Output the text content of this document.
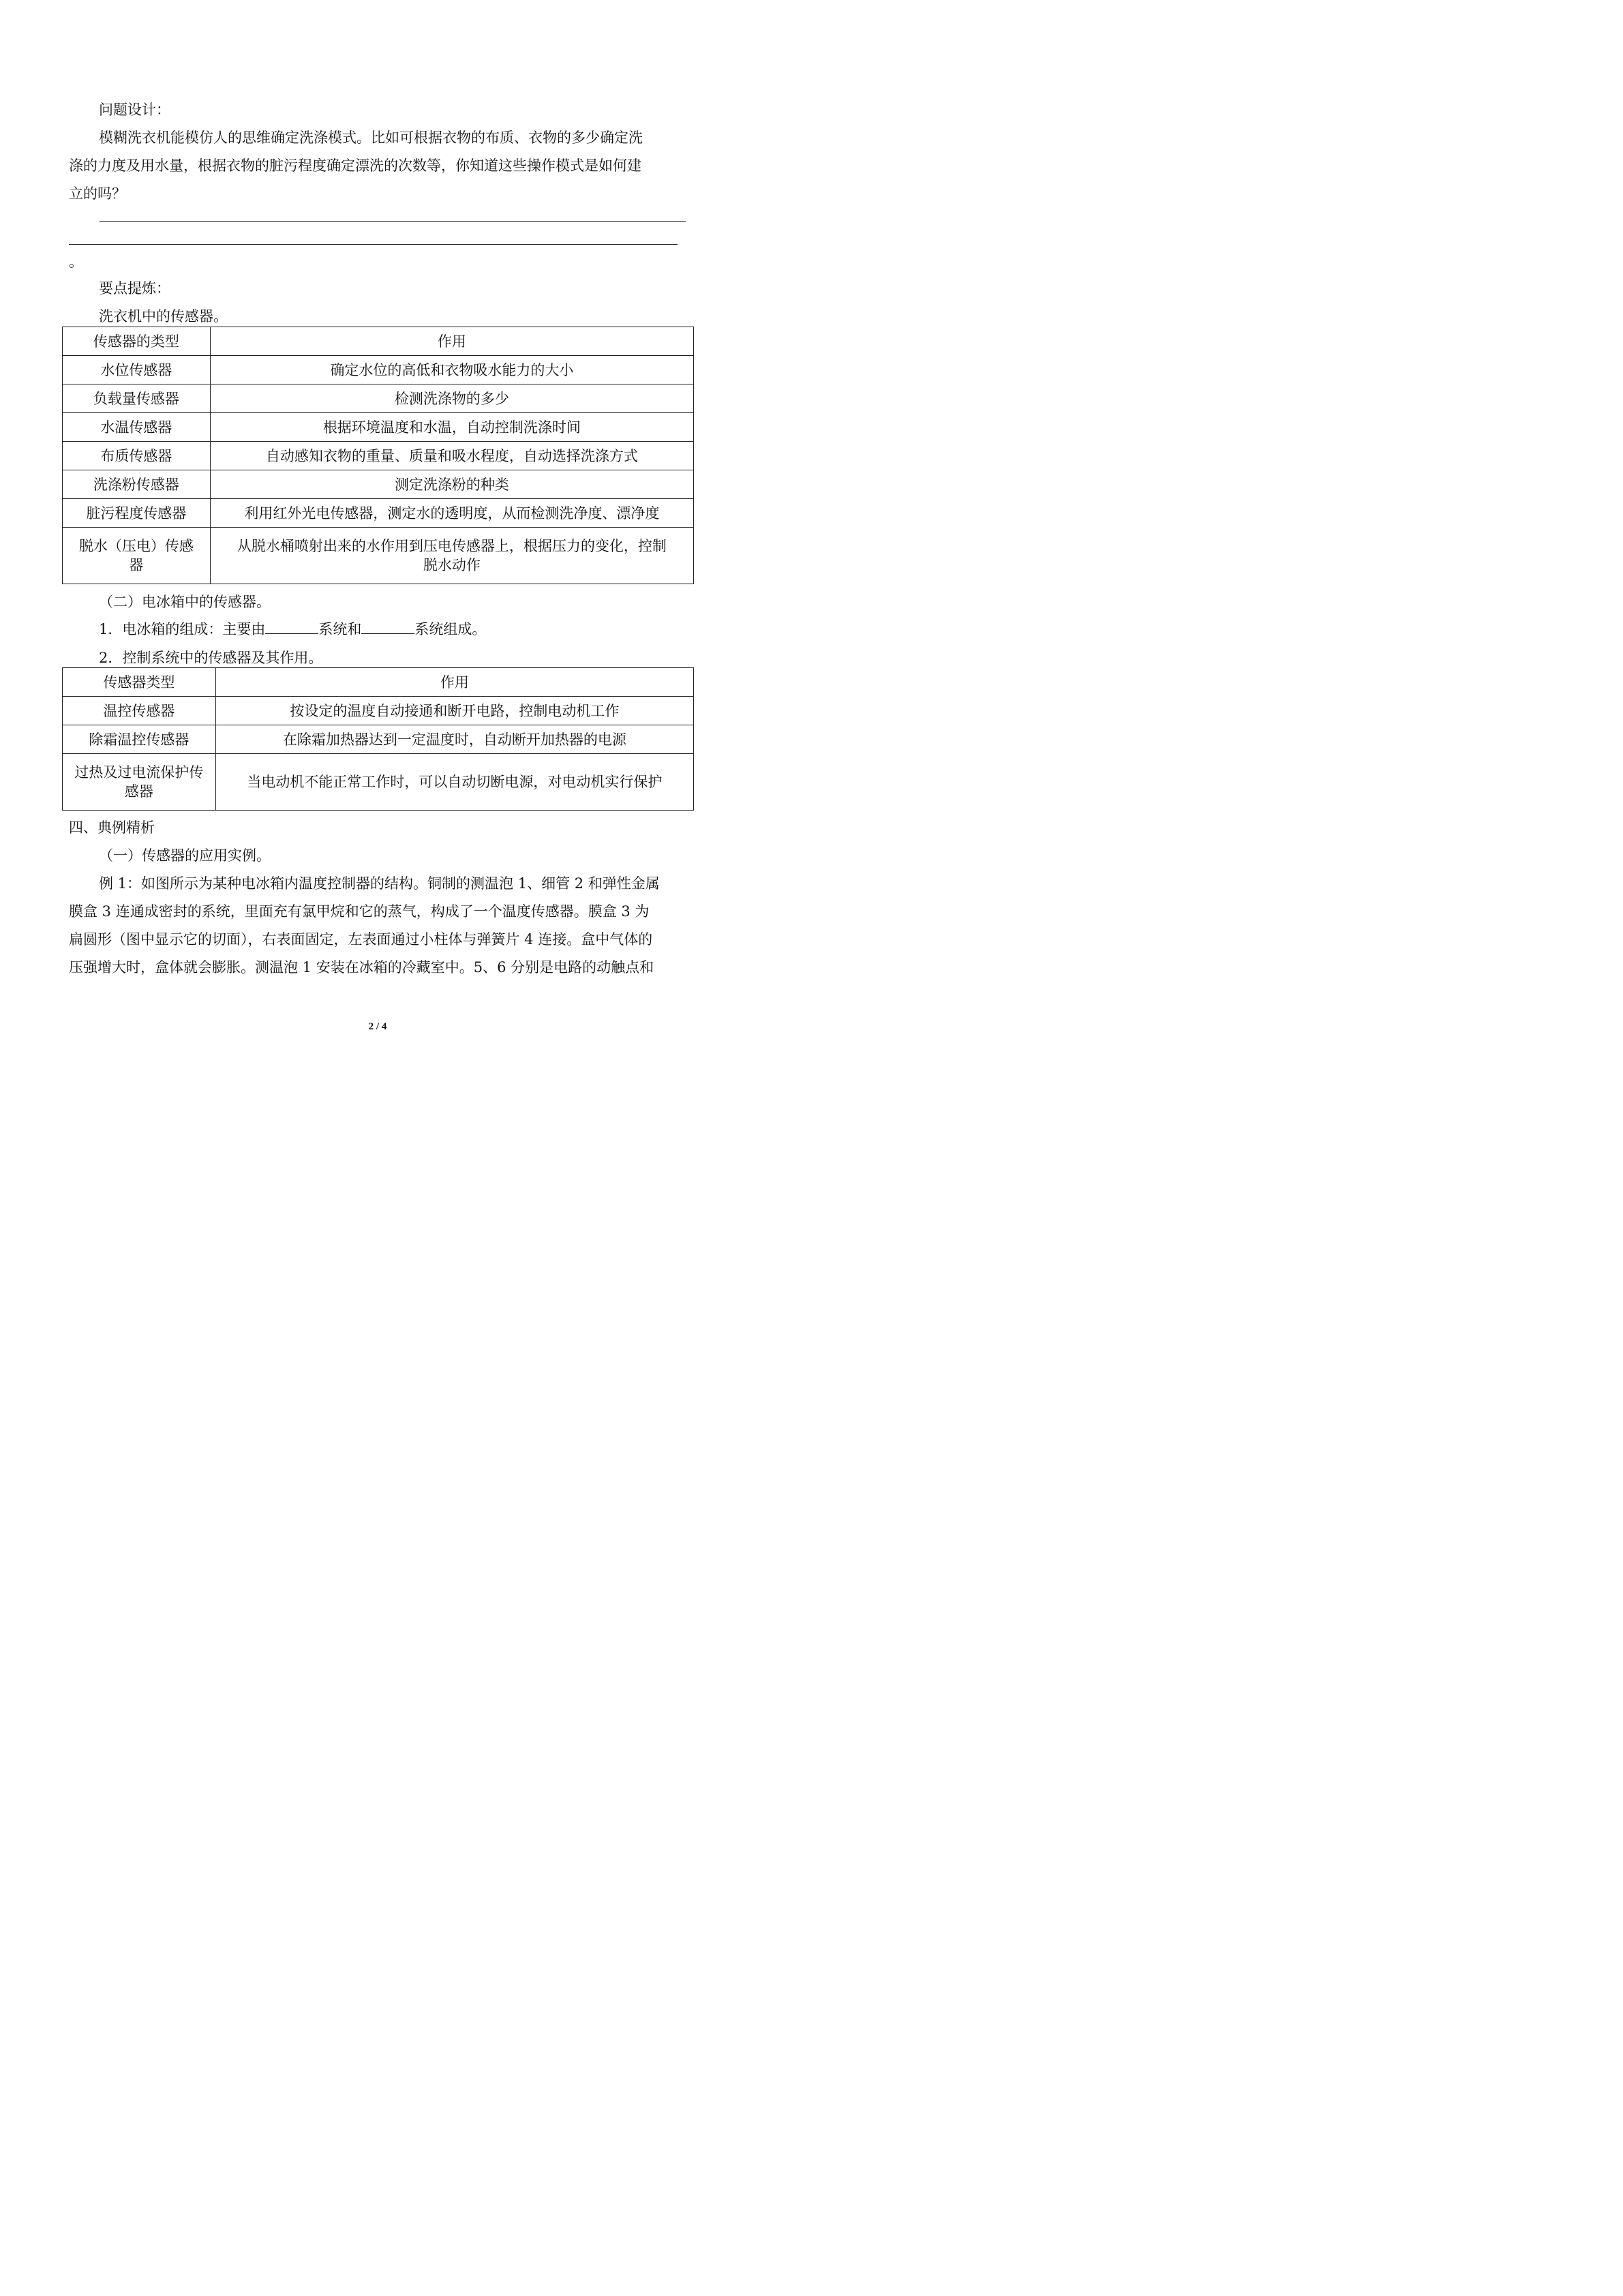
问题设计：
模糊洗衣机能模仿人的思维确定洗涤模式。比如可根据衣物的布质、衣物的多少确定洗
涤的力度及用水量，根据衣物的脏污程度确定漂洗的次数等，你知道这些操作模式是如何建
立的吗？
。
要点提炼：
洗衣机中的传感器。
传感器的类型	作用
水位传感器	确定水位的高低和衣物吸水能力的大小
负载量传感器	检测洗涤物的多少
水温传感器	根据环境温度和水温，自动控制洗涤时间
布质传感器	自动感知衣物的重量、质量和吸水程度，自动选择洗涤方式
洗涤粉传感器	测定洗涤粉的种类
脏污程度传感器	利用红外光电传感器，测定水的透明度，从而检测洗净度、漂净度
脱水（压电）传感
器	从脱水桶喷射出来的水作用到压电传感器上，根据压力的变化，控制
脱水动作
（二）电冰箱中的传感器。
1．电冰箱的组成：主要由	系统和	系统组成。
2．控制系统中的传感器及其作用。
传感器类型	作用
温控传感器	按设定的温度自动接通和断开电路，控制电动机工作
除霜温控传感器	在除霜加热器达到一定温度时，自动断开加热器的电源
过热及过电流保护传
感器	当电动机不能正常工作时，可以自动切断电源，对电动机实行保护
四、典例精析
（一）传感器的应用实例。
例 1：如图所示为某种电冰箱内温度控制器的结构。铜制的测温泡 1、细管 2 和弹性金属
膜盒 3 连通成密封的系统，里面充有氯甲烷和它的蒸气，构成了一个温度传感器。膜盒 3 为
扁圆形（图中显示它的切面），右表面固定，左表面通过小柱体与弹簧片 4 连接。盒中气体的
压强增大时，盒体就会膨胀。测温泡 1 安装在冰箱的冷藏室中。5、6 分别是电路的动触点和
2 / 4
